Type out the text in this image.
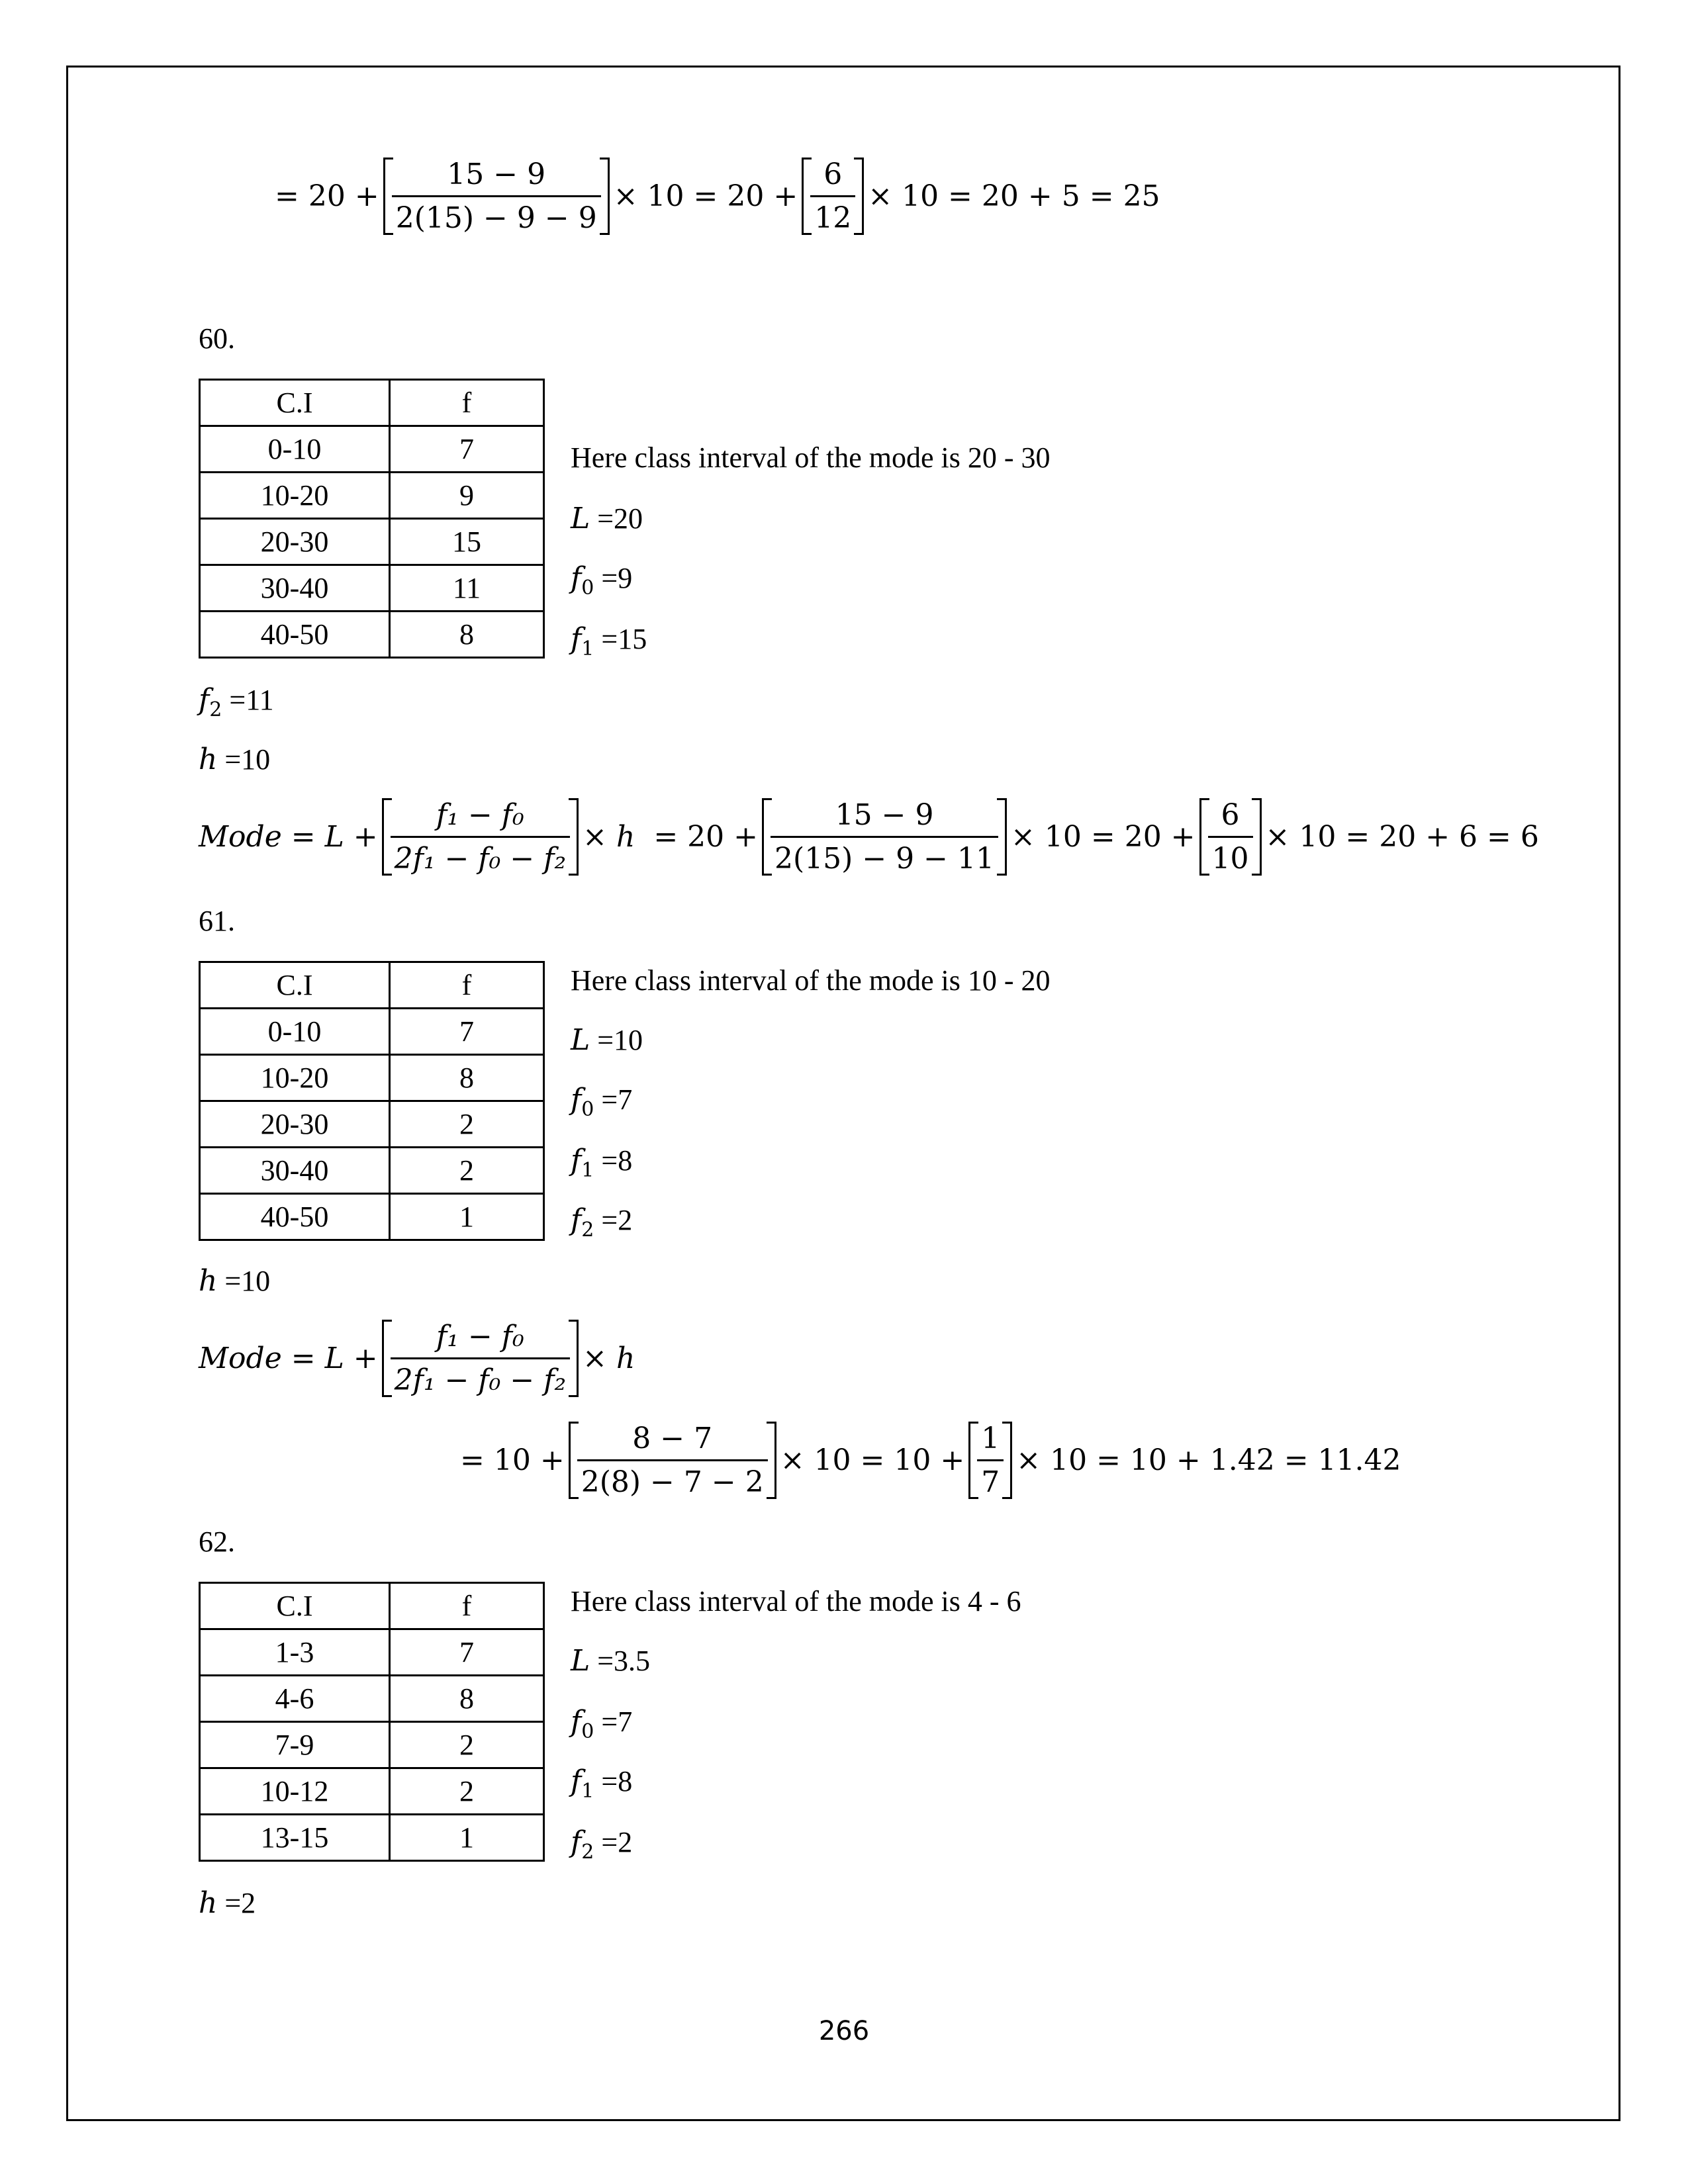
= $20 + \frac{15 - 9}{2(15) - 9 - 9} \times 10 = 20 + \frac{6}{12} \times 10 = 20 + 5 = 25$
60.
C.I	f
0-10	7
10-20	9
20-30	15
30-40	11
40-50	8
Here class interval of the mode is 20 - 30
L =20
$f_0 =9$
$f_1 =15$
$f_2 =11$
h =10
Mode = $L + \frac{\text{f₁ − f₀}}{\text{2f₁ − f₀ − f₂}} \times h = 20 + \frac{15 - 9}{2(15) - 9 - 11} \times 10 = 20 + \frac{6}{10} \times 10 = 20 + 6 = 6$
61.
C.I	f
0-10	7
10-20	8
20-30	2
30-40	2
40-50	1
Here class interval of the mode is 10 - 20
L =10
$f_0 =7$
$f_1 =8$
$f_2 =2$
h =10
Mode = $L + \frac{\text{f₁ − f₀}}{\text{2f₁ − f₀ − f₂}} \times h$
= $10 + \frac{8 - 7}{2(8) - 7 - 2} \times 10 = 10 + \frac{1}{7} \times 10 = 10 + 1.42 = 11.42$
62.
C.I	f
1-3	7
4-6	8
7-9	2
10-12	2
13-15	1
Here class interval of the mode is 4 - 6
L =3.5
$f_0 =7$
$f_1 =8$
$f_2 =2$
h =2
266
